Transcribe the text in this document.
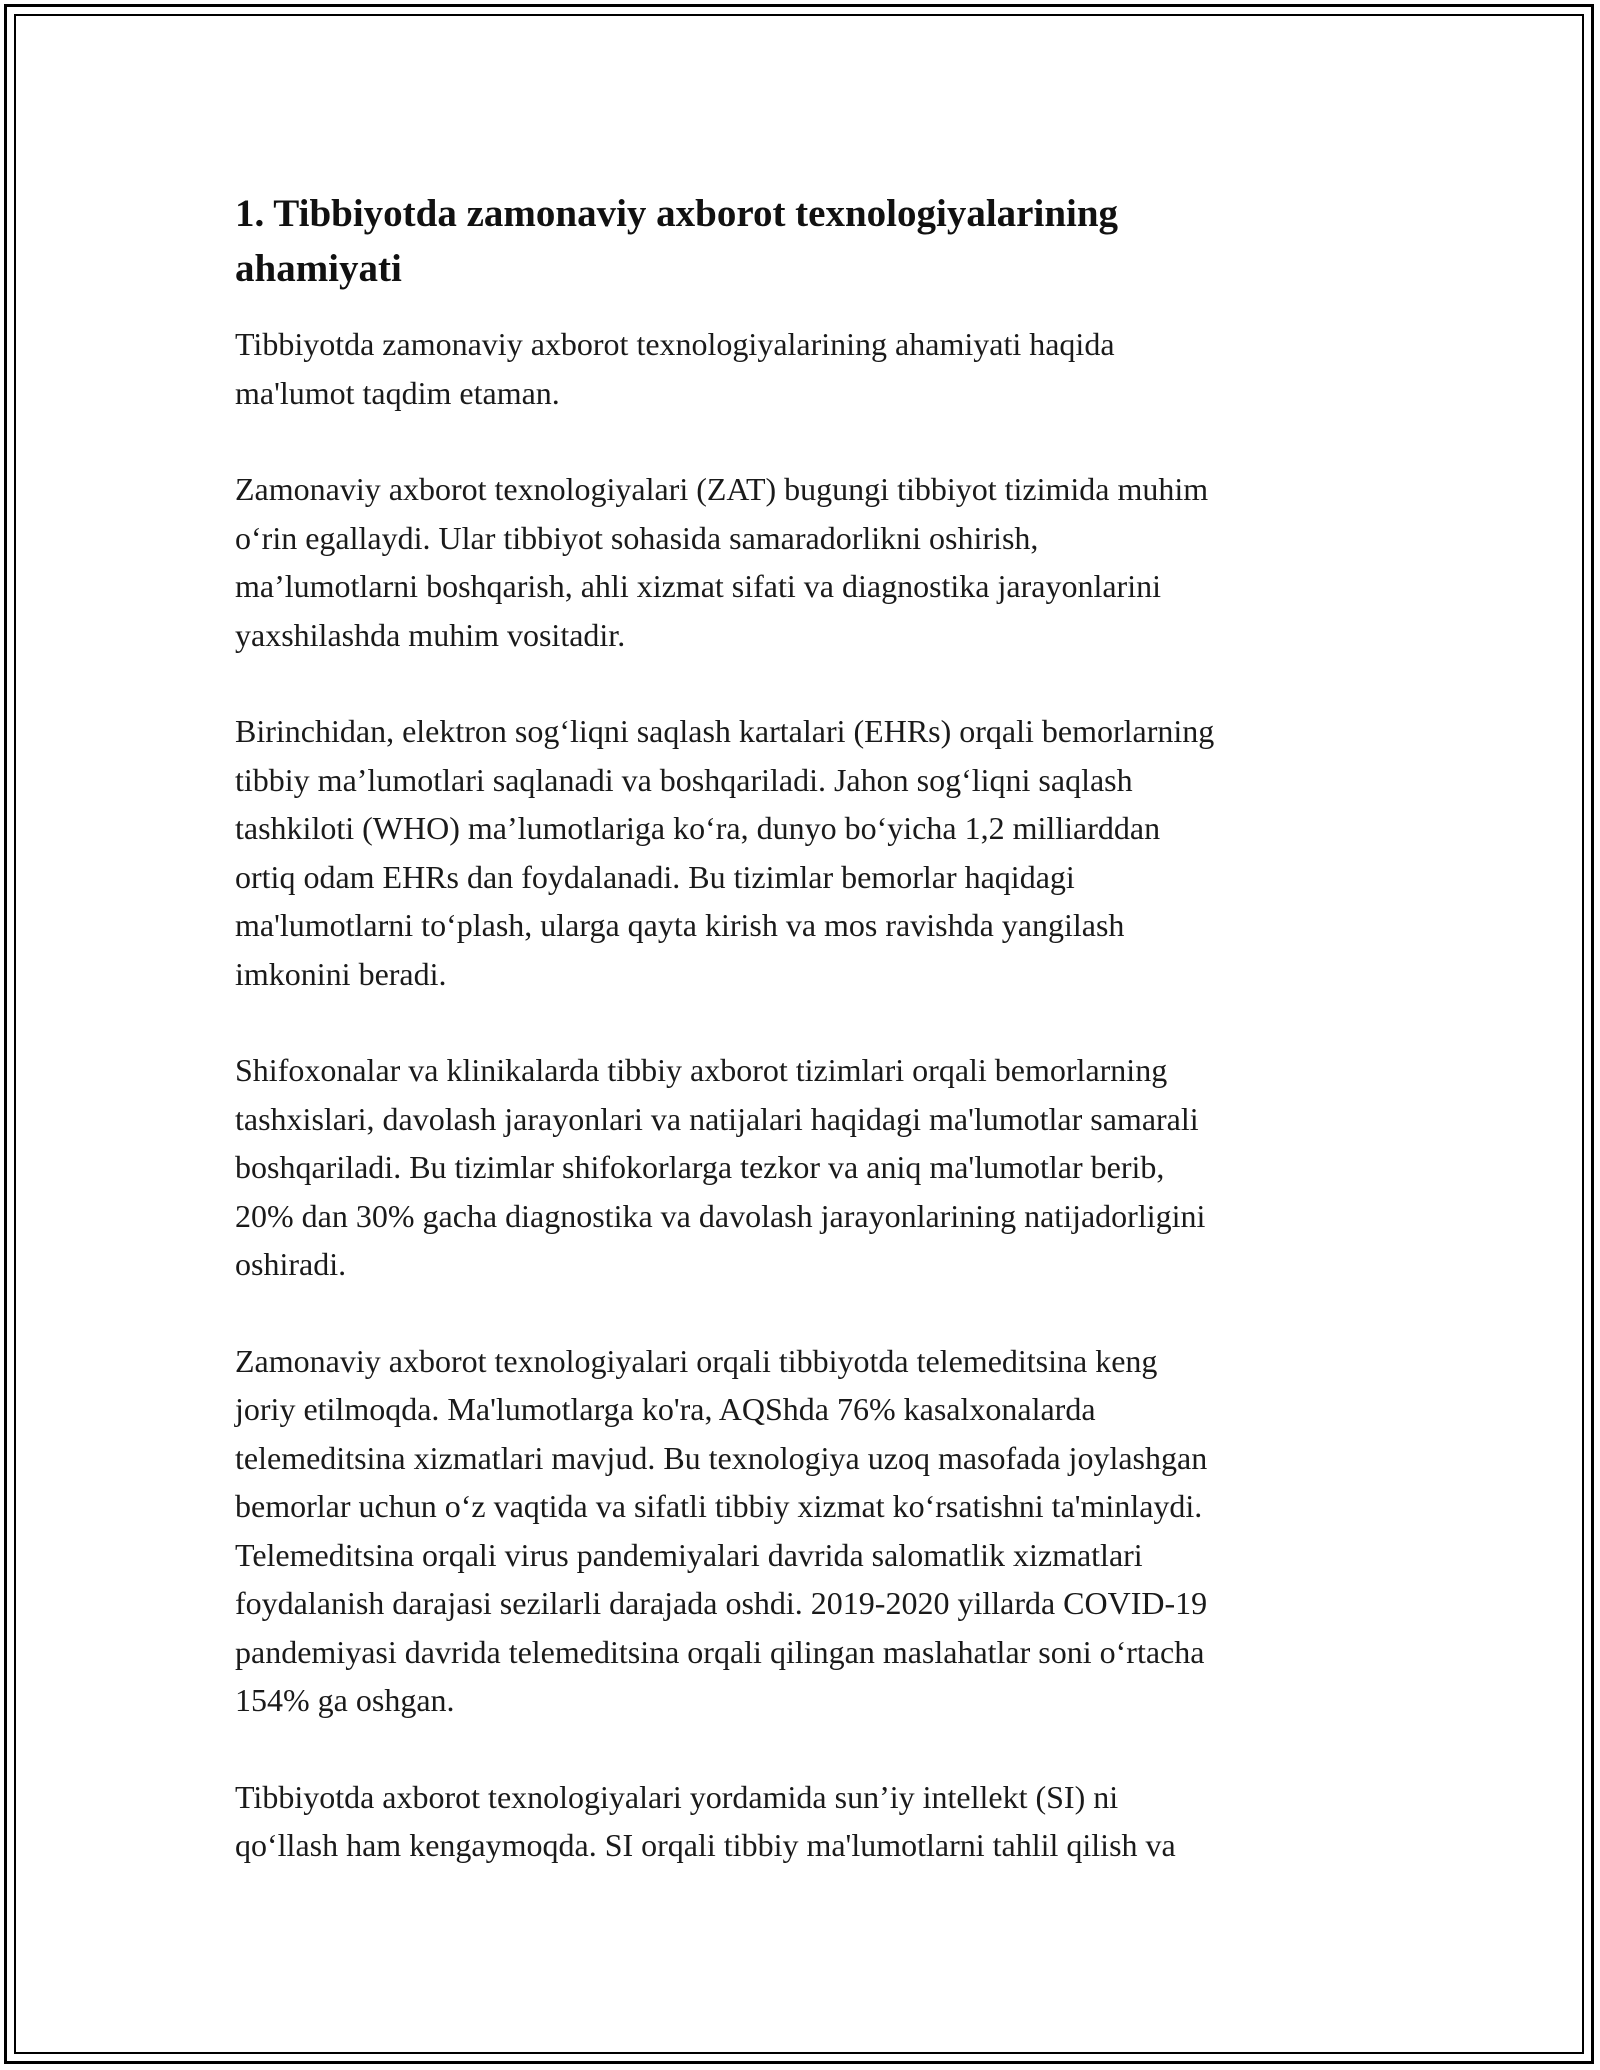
1. Tibbiyotda zamonaviy axborot texnologiyalarining
ahamiyati

Tibbiyotda zamonaviy axborot texnologiyalarining ahamiyati haqida
ma'lumot taqdim etaman.

Zamonaviy axborot texnologiyalari (ZAT) bugungi tibbiyot tizimida muhim
o‘rin egallaydi. Ular tibbiyot sohasida samaradorlikni oshirish,
ma’lumotlarni boshqarish, ahli xizmat sifati va diagnostika jarayonlarini
yaxshilashda muhim vositadir.

Birinchidan, elektron sog‘liqni saqlash kartalari (EHRs) orqali bemorlarning
tibbiy ma’lumotlari saqlanadi va boshqariladi. Jahon sog‘liqni saqlash
tashkiloti (WHO) ma’lumotlariga ko‘ra, dunyo bo‘yicha 1,2 milliarddan
ortiq odam EHRs dan foydalanadi. Bu tizimlar bemorlar haqidagi
ma'lumotlarni to‘plash, ularga qayta kirish va mos ravishda yangilash
imkonini beradi.

Shifoxonalar va klinikalarda tibbiy axborot tizimlari orqali bemorlarning
tashxislari, davolash jarayonlari va natijalari haqidagi ma'lumotlar samarali
boshqariladi. Bu tizimlar shifokorlarga tezkor va aniq ma'lumotlar berib,
20% dan 30% gacha diagnostika va davolash jarayonlarining natijadorligini
oshiradi.

Zamonaviy axborot texnologiyalari orqali tibbiyotda telemeditsina keng
joriy etilmoqda. Ma'lumotlarga ko'ra, AQShda 76% kasalxonalarda
telemeditsina xizmatlari mavjud. Bu texnologiya uzoq masofada joylashgan
bemorlar uchun o‘z vaqtida va sifatli tibbiy xizmat ko‘rsatishni ta'minlaydi.
Telemeditsina orqali virus pandemiyalari davrida salomatlik xizmatlari
foydalanish darajasi sezilarli darajada oshdi. 2019-2020 yillarda COVID-19
pandemiyasi davrida telemeditsina orqali qilingan maslahatlar soni o‘rtacha
154% ga oshgan.

Tibbiyotda axborot texnologiyalari yordamida sun’iy intellekt (SI) ni
qo‘llash ham kengaymoqda. SI orqali tibbiy ma'lumotlarni tahlil qilish va
